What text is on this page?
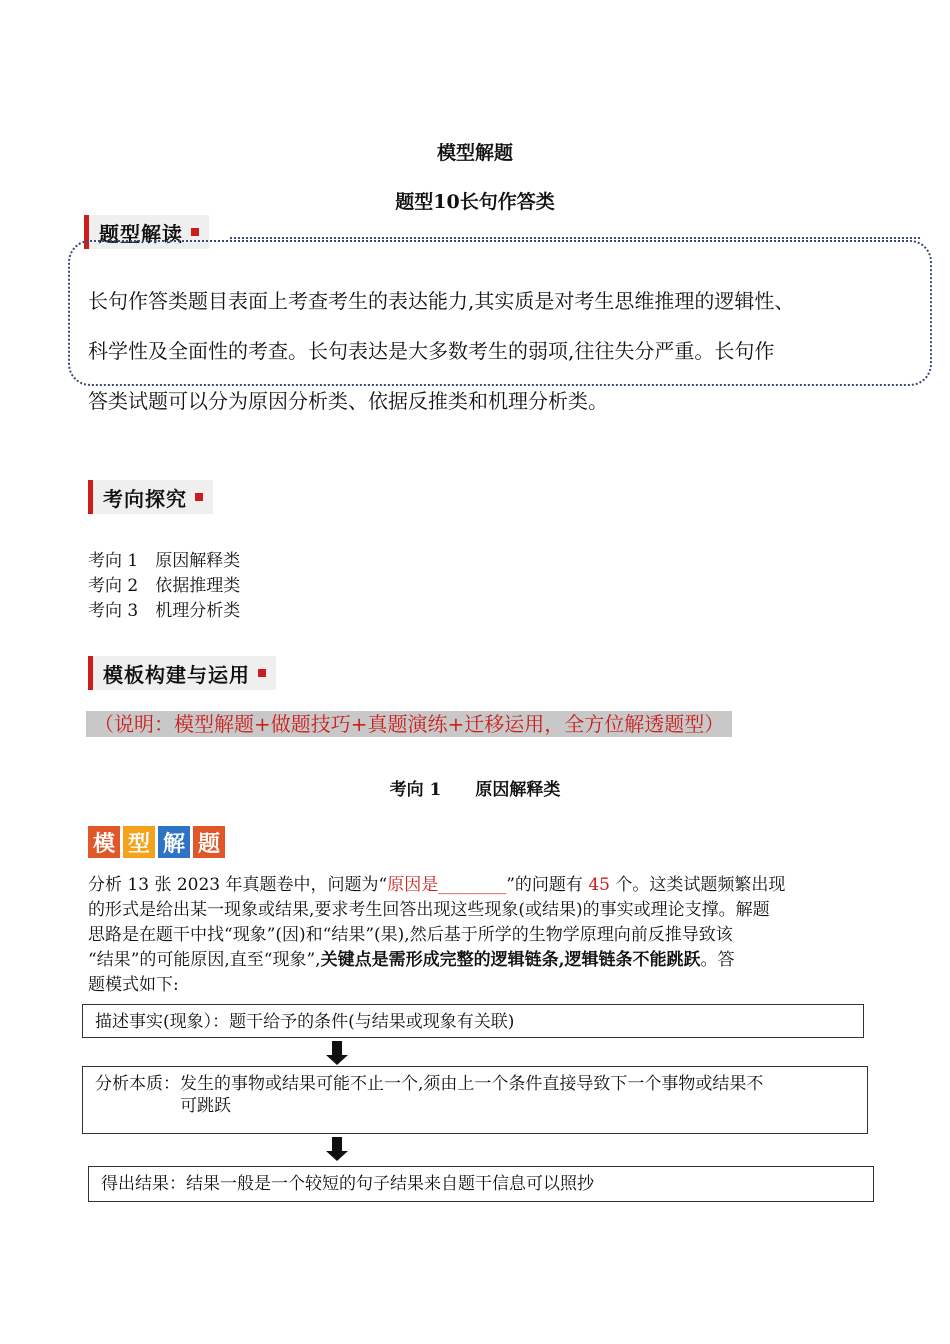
模型解题
题型10长句作答类
题型解读
长句作答类题目表面上考查考生的表达能力,其实质是对考生思维推理的逻辑性、
科学性及全面性的考查。长句表达是大多数考生的弱项,往往失分严重。长句作
答类试题可以分为原因分析类、依据反推类和机理分析类。
考向探究
考向 1　原因解释类
考向 2　依据推理类
考向 3　机理分析类
模板构建与运用
（说明：模型解题+做题技巧+真题演练+迁移运用，全方位解透题型）
考向 1　　原因解释类
模 型 解 题
分析 13 张 2023 年真题卷中，问题为“原因是________”的问题有 45 个。这类试题频繁出现
的形式是给出某一现象或结果,要求考生回答出现这些现象(或结果)的事实或理论支撑。解题
思路是在题干中找“现象”(因)和“结果”(果),然后基于所学的生物学原理向前反推导致该
“结果”的可能原因,直至“现象”,关键点是需形成完整的逻辑链条,逻辑链条不能跳跃。答
题模式如下:
描述事实(现象）：题干给予的条件(与结果或现象有关联)
分析本质： 发生的事物或结果可能不止一个,须由上一个条件直接导致下一个事物或结果不
可跳跃
得出结果：结果一般是一个较短的句子结果来自题干信息可以照抄
